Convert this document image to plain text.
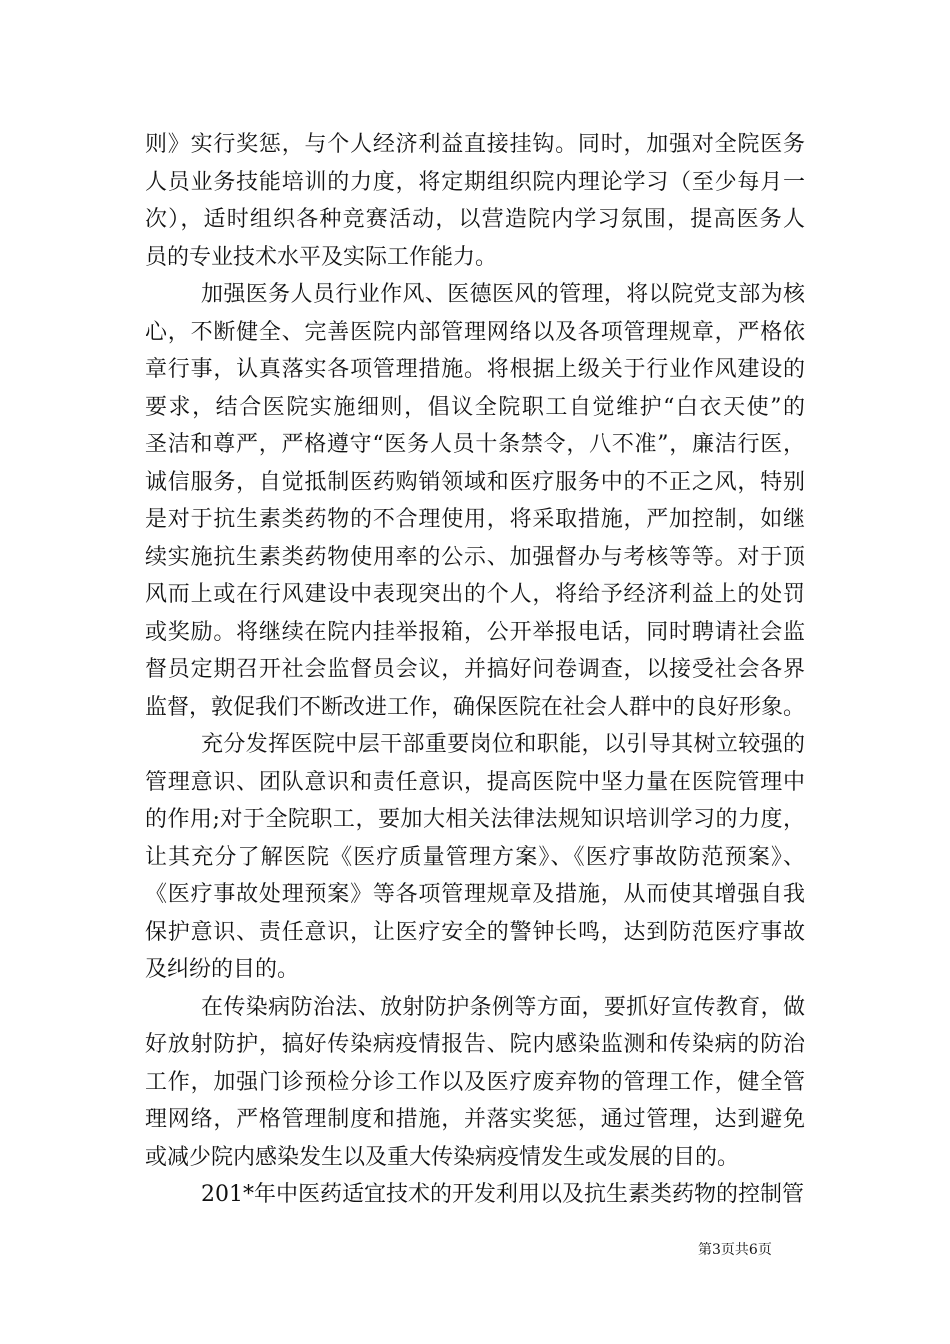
则》实行奖惩，与个人经济利益直接挂钩。同时，加强对全院医务
人员业务技能培训的力度，将定期组织院内理论学习（至少每月一
次），适时组织各种竞赛活动，以营造院内学习氛围，提高医务人
员的专业技术水平及实际工作能力。
加强医务人员行业作风、医德医风的管理，将以院党支部为核
心，不断健全、完善医院内部管理网络以及各项管理规章，严格依
章行事，认真落实各项管理措施。将根据上级关于行业作风建设的
要求，结合医院实施细则，倡议全院职工自觉维护“白衣天使”的
圣洁和尊严，严格遵守“医务人员十条禁令，八不准”，廉洁行医，
诚信服务，自觉抵制医药购销领域和医疗服务中的不正之风，特别
是对于抗生素类药物的不合理使用，将采取措施，严加控制，如继
续实施抗生素类药物使用率的公示、加强督办与考核等等。对于顶
风而上或在行风建设中表现突出的个人，将给予经济利益上的处罚
或奖励。将继续在院内挂举报箱，公开举报电话，同时聘请社会监
督员定期召开社会监督员会议，并搞好问卷调查，以接受社会各界
监督，敦促我们不断改进工作，确保医院在社会人群中的良好形象。
充分发挥医院中层干部重要岗位和职能，以引导其树立较强的
管理意识、团队意识和责任意识，提高医院中坚力量在医院管理中
的作用;对于全院职工，要加大相关法律法规知识培训学习的力度，
让其充分了解医院《医疗质量管理方案》、《医疗事故防范预案》、
《医疗事故处理预案》等各项管理规章及措施，从而使其增强自我
保护意识、责任意识，让医疗安全的警钟长鸣，达到防范医疗事故
及纠纷的目的。
在传染病防治法、放射防护条例等方面，要抓好宣传教育，做
好放射防护，搞好传染病疫情报告、院内感染监测和传染病的防治
工作，加强门诊预检分诊工作以及医疗废弃物的管理工作，健全管
理网络，严格管理制度和措施，并落实奖惩，通过管理，达到避免
或减少院内感染发生以及重大传染病疫情发生或发展的目的。
201*年中医药适宜技术的开发利用以及抗生素类药物的控制管
第3页共6页
